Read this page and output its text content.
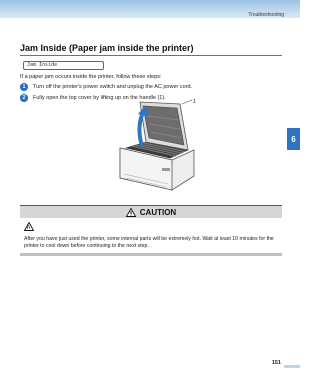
Troubleshooting
6
Jam Inside (Paper jam inside the printer)
Jam Inside
If a paper jam occurs inside the printer, follow these steps:
1	Turn off the printer's power switch and unplug the AC power cord.
2	Fully open the top cover by lifting up on the handle (1).
1
CAUTION
After you have just used the printer, some internal parts will be extremely hot. Wait at least 10 minutes for the printer to cool down before continuing to the next step.
151
